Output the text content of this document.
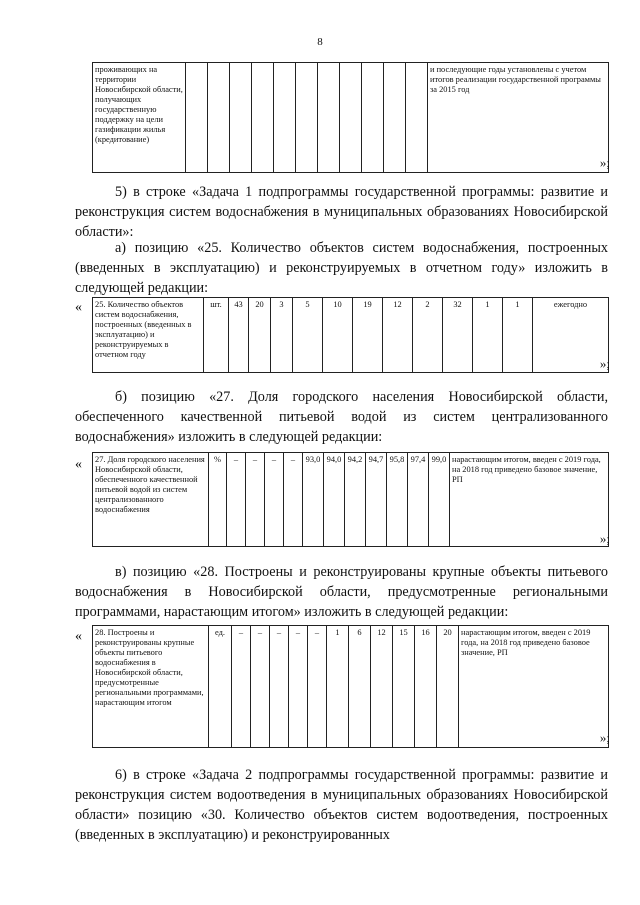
8
проживающих на территории Новосибирской области, получающих государственную поддержку на цели газификации жилья (кредитование)												и последующие годы установлены с учетом итогов реализации государственной программы за 2015 год
»;
5) в строке «Задача 1 подпрограммы государственной программы: развитие и реконструкция систем водоснабжения в муниципальных образованиях Новосибирской области»:
а) позицию «25. Количество объектов систем водоснабжения, построенных (введенных в эксплуатацию) и реконструируемых в отчетном году» изложить в следующей редакции:
« 25. Количество объектов систем водоснабжения, построенных (введенных в эксплуатацию) и реконструируемых в отчетном году	шт.	43	20	3	5	10	19	12	2	32	1	1	ежегодно
»;
б) позицию «27. Доля городского населения Новосибирской области, обеспеченного качественной питьевой водой из систем централизованного водоснабжения» изложить в следующей редакции:
« 27. Доля городского населения Новосибирской области, обеспеченного качественной питьевой водой из систем централизованного водоснабжения	%	–	–	–	–	93,0	94,0	94,2	94,7	95,8	97,4	99,0	нарастающим итогом, введен с 2019 года, на 2018 год приведено базовое значение, РП
»;
в) позицию «28. Построены и реконструированы крупные объекты питьевого водоснабжения в Новосибирской области, предусмотренные региональными программами, нарастающим итогом» изложить в следующей редакции:
« 28. Построены и реконструированы крупные объекты питьевого водоснабжения в Новосибирской области, предусмотренные региональными программами, нарастающим итогом	ед.	–	–	–	–	–	1	6	12	15	16	20	нарастающим итогом, введен с 2019 года, на 2018 год приведено базовое значение, РП
»;
6) в строке «Задача 2 подпрограммы государственной программы: развитие и реконструкция систем водоотведения в муниципальных образованиях Новосибирской области» позицию «30. Количество объектов систем водоотведения, построенных (введенных в эксплуатацию) и реконструированных
